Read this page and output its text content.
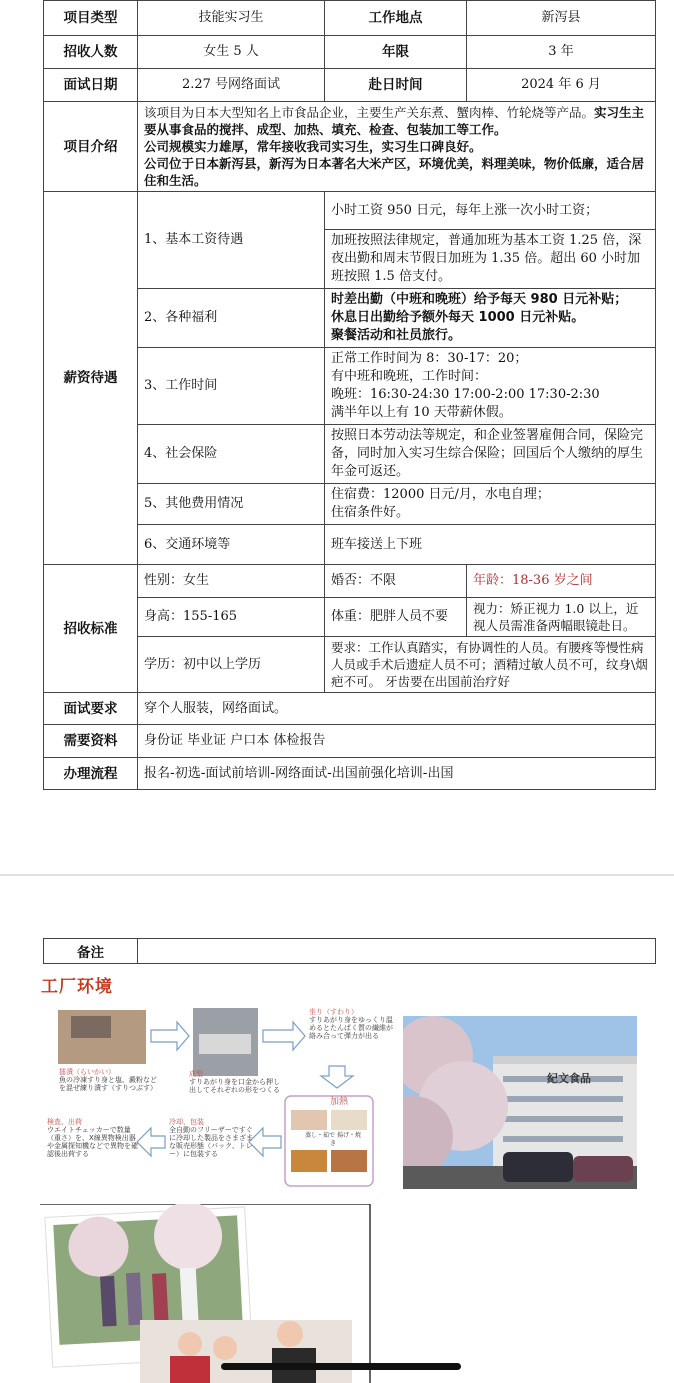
项目类型	技能实习生	工作地点	新泻县
招收人数	女生 5 人	年限	3 年
面试日期	2.27 号网络面试	赴日时间	2024 年 6 月
项目介绍	该项目为日本大型知名上市食品企业，主要生产关东煮、蟹肉棒、竹轮烧等产品。实习生主要从事食品的搅拌、成型、加热、填充、检查、包装加工等工作。
公司规模实力雄厚，常年接收我司实习生，实习生口碑良好。
公司位于日本新泻县，新泻为日本著名大米产区，环境优美，料理美味，物价低廉，适合居住和生活。		
薪资待遇	1、基本工资待遇	小时工资 950 日元，每年上涨一次小时工资；	
		加班按照法律规定，普通加班为基本工资 1.25 倍，深夜出勤和周末节假日加班为 1.35 倍。超出 60 小时加班按照 1.5 倍支付。	
	2、各种福利	时差出勤（中班和晚班）给予每天 980 日元补贴；
休息日出勤给予额外每天 1000 日元补贴。
聚餐活动和社员旅行。	
	3、工作时间	正常工作时间为 8：30-17：20；
有中班和晚班，工作时间：
晚班：16:30-24:30 17:00-2:00 17:30-2:30
满半年以上有 10 天带薪休假。	
	4、社会保险	按照日本劳动法等规定，和企业签署雇佣合同，保险完备，同时加入实习生综合保险；回国后个人缴纳的厚生年金可返还。	
	5、其他费用情况	住宿费：12000 日元/月，水电自理；
住宿条件好。	
	6、交通环境等	班车接送上下班	
招收标准	性别：女生	婚否：不限	年龄：18-36 岁之间
	身高：155-165	体重：肥胖人员不要	视力：矫正视力 1.0 以上，近视人员需准备两幅眼镜赴日。
	学历：初中以上学历	要求：工作认真踏实，有协调性的人员。有腰疼等慢性病人员或手术后遗症人员不可；酒精过敏人员不可，纹身\烟疤不可。 牙齿要在出国前治疗好	
面试要求	穿个人服装，网络面试。		
需要资料	身份证 毕业证 户口本 体检报告		
办理流程	报名-初选-面试前培训-网络面试-出国前强化培训-出国		
备注	
工厂环境
擂潰（らいかい）
魚の冷凍すり身と塩、澱粉などを混ぜ練り潰す（すりつぶす）
成型
すりあがり身を口金から押し出してそれぞれの形をつくる
坐り（すわり）
すりあがり身をゆっくり温めるとたんぱく質の繊維が絡み合って弾力が出る
加熱
蒸し・茹で 揚げ・焼き
冷却、包装
全自動のフリーザーですぐに冷却した製品をさまざまな販売形態（パック、トレー）に包装する
検査、出荷
ウエイトチェッカーで数量（重さ）を、X線異物検出器や金属探知機などで異物を確認後出荷する
紀文食品
